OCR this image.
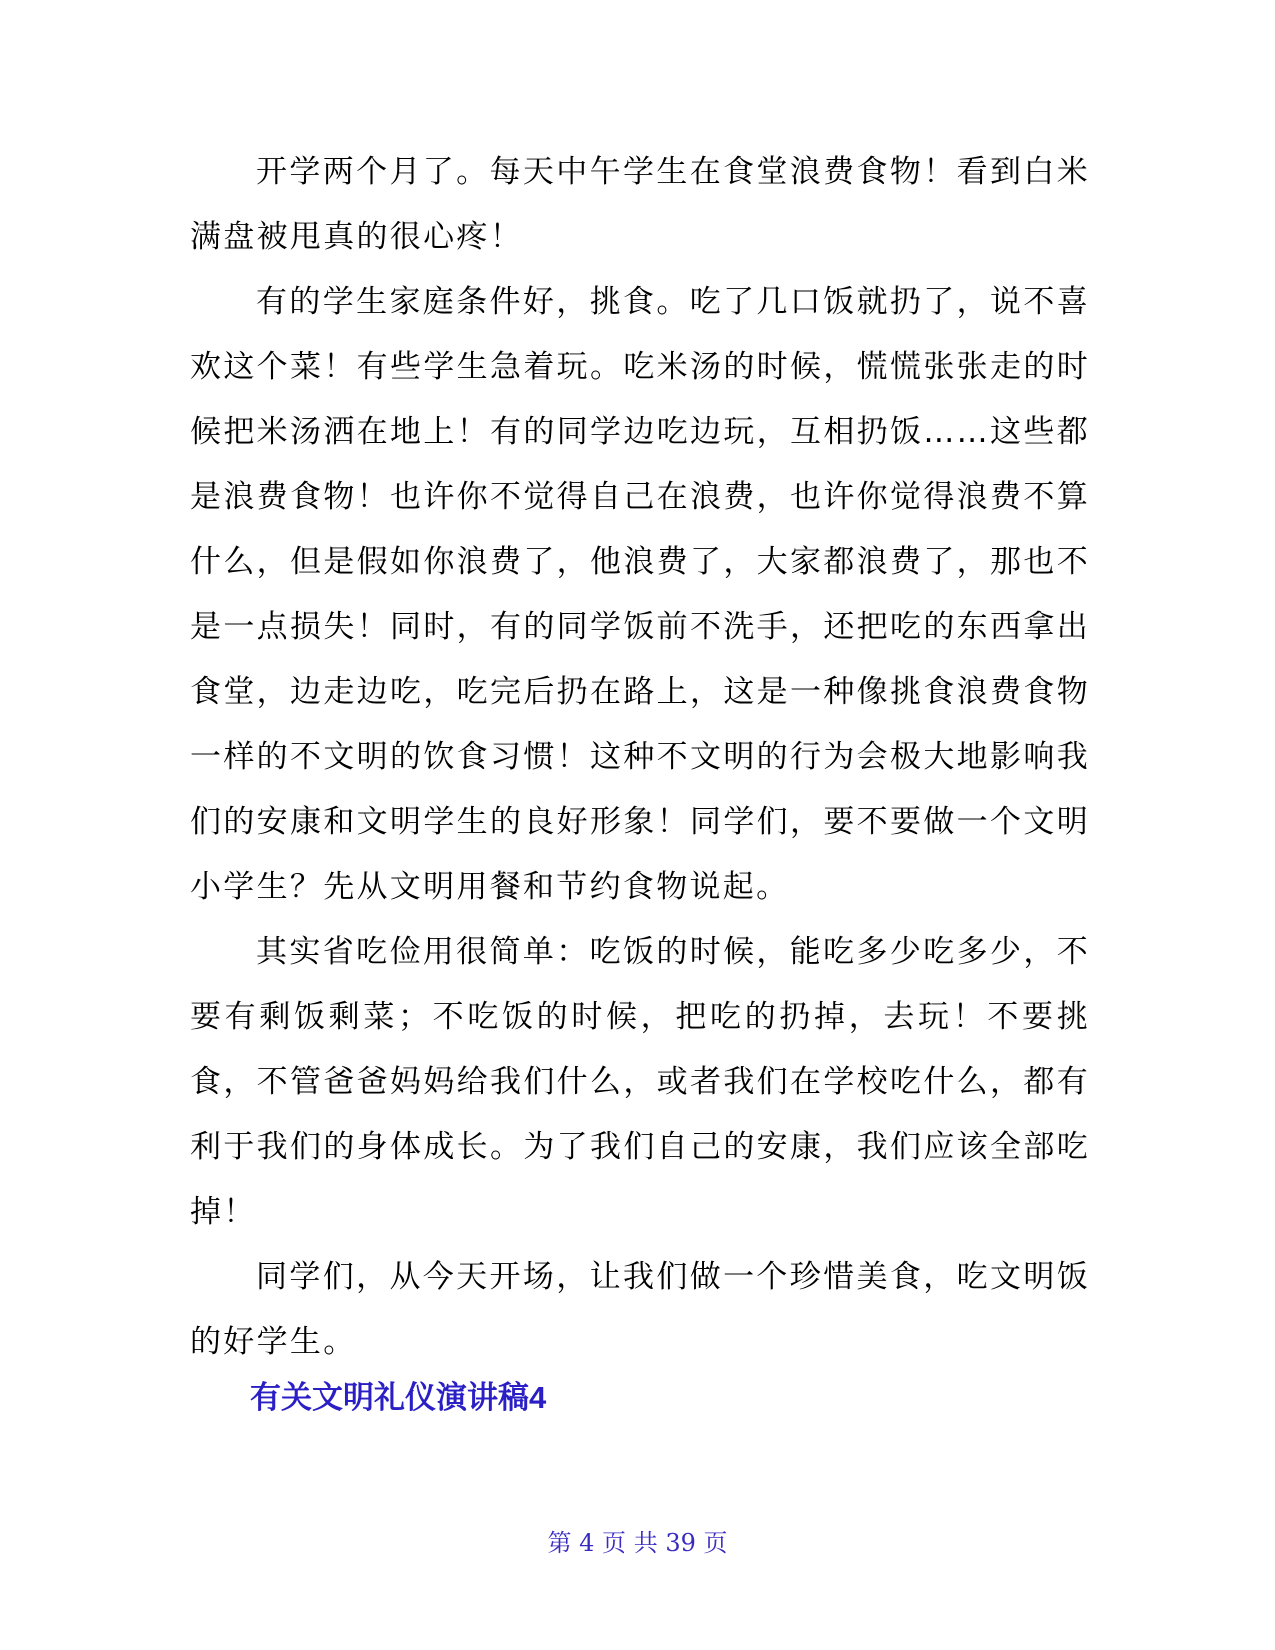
开学两个月了。每天中午学生在食堂浪费食物！看到白米满盘被甩真的很心疼！

有的学生家庭条件好，挑食。吃了几口饭就扔了，说不喜欢这个菜！有些学生急着玩。吃米汤的时候，慌慌张张走的时候把米汤洒在地上！有的同学边吃边玩，互相扔饭……这些都是浪费食物！也许你不觉得自己在浪费，也许你觉得浪费不算什么，但是假如你浪费了，他浪费了，大家都浪费了，那也不是一点损失！同时，有的同学饭前不洗手，还把吃的东西拿出食堂，边走边吃，吃完后扔在路上，这是一种像挑食浪费食物一样的不文明的饮食习惯！这种不文明的行为会极大地影响我们的安康和文明学生的良好形象！同学们，要不要做一个文明小学生？先从文明用餐和节约食物说起。

其实省吃俭用很简单：吃饭的时候，能吃多少吃多少，不要有剩饭剩菜；不吃饭的时候，把吃的扔掉，去玩！不要挑食，不管爸爸妈妈给我们什么，或者我们在学校吃什么，都有利于我们的身体成长。为了我们自己的安康，我们应该全部吃掉！

同学们，从今天开场，让我们做一个珍惜美食，吃文明饭的好学生。

有关文明礼仪演讲稿4
第 4 页 共 39 页
